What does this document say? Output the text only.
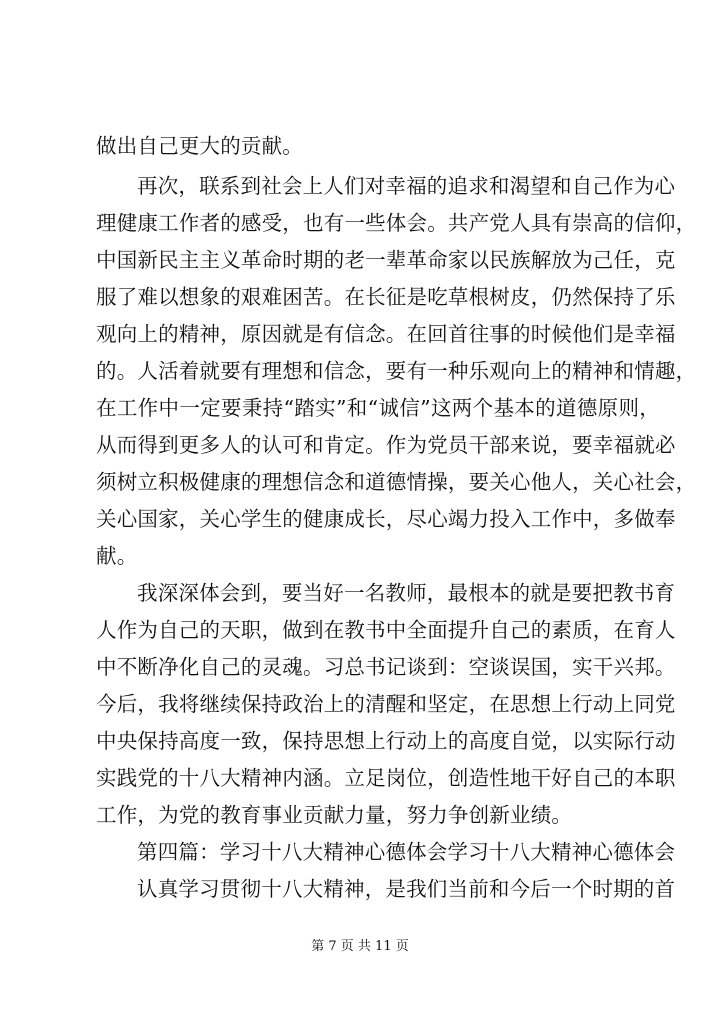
做出自己更大的贡献。
再次，联系到社会上人们对幸福的追求和渴望和自己作为心
理健康工作者的感受，也有一些体会。共产党人具有崇高的信仰，
中国新民主主义革命时期的老一辈革命家以民族解放为己任，克
服了难以想象的艰难困苦。在长征是吃草根树皮，仍然保持了乐
观向上的精神，原因就是有信念。在回首往事的时候他们是幸福
的。人活着就要有理想和信念，要有一种乐观向上的精神和情趣，
在工作中一定要秉持“踏实”和“诚信”这两个基本的道德原则，
从而得到更多人的认可和肯定。作为党员干部来说，要幸福就必
须树立积极健康的理想信念和道德情操，要关心他人，关心社会，
关心国家，关心学生的健康成长，尽心竭力投入工作中，多做奉
献。
我深深体会到，要当好一名教师，最根本的就是要把教书育
人作为自己的天职，做到在教书中全面提升自己的素质，在育人
中不断净化自己的灵魂。习总书记谈到：空谈误国，实干兴邦。
今后，我将继续保持政治上的清醒和坚定，在思想上行动上同党
中央保持高度一致，保持思想上行动上的高度自觉，以实际行动
实践党的十八大精神内涵。立足岗位，创造性地干好自己的本职
工作，为党的教育事业贡献力量，努力争创新业绩。
第四篇：学习十八大精神心德体会学习十八大精神心德体会
认真学习贯彻十八大精神，是我们当前和今后一个时期的首
第 7 页 共 11 页
